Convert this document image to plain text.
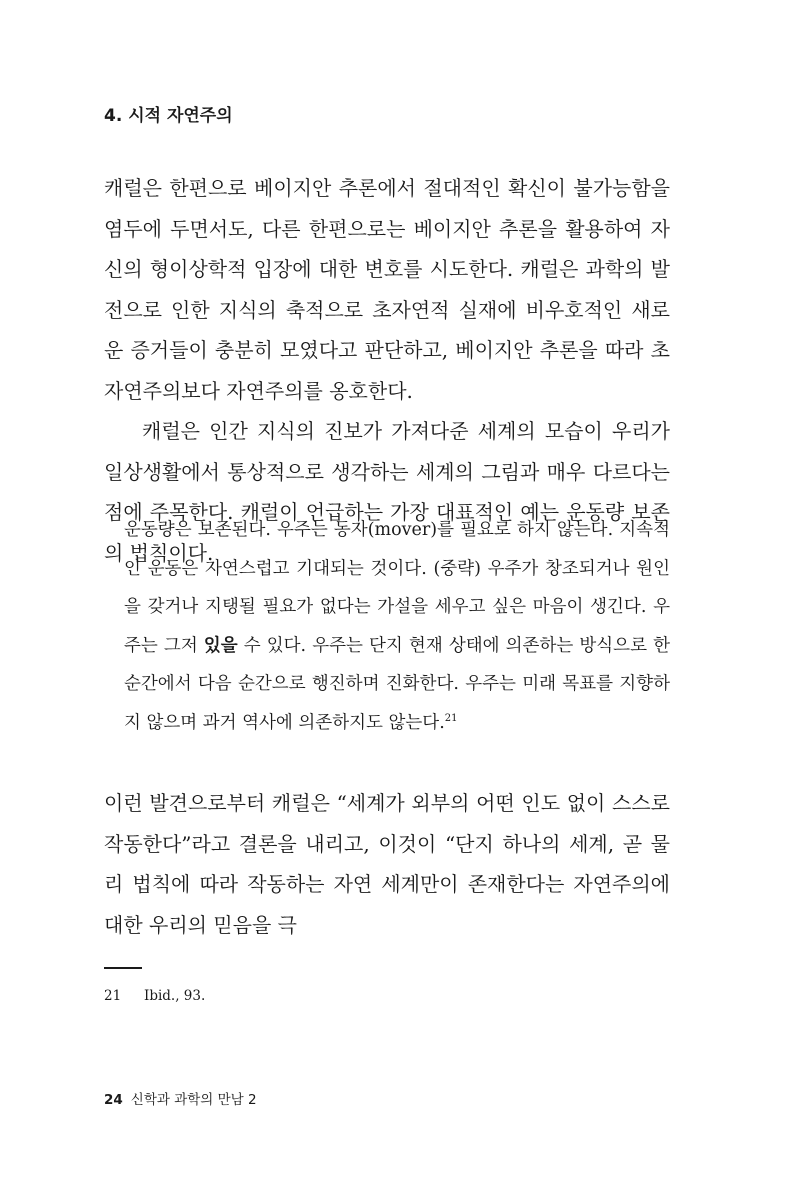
4. 시적 자연주의

캐럴은 한편으로 베이지안 추론에서 절대적인 확신이 불가능함을 염두에 두면서도, 다른 한편으로는 베이지안 추론을 활용하여 자신의 형이상학적 입장에 대한 변호를 시도한다. 캐럴은 과학의 발전으로 인한 지식의 축적으로 초자연적 실재에 비우호적인 새로운 증거들이 충분히 모였다고 판단하고, 베이지안 추론을 따라 초자연주의보다 자연주의를 옹호한다.

캐럴은 인간 지식의 진보가 가져다준 세계의 모습이 우리가 일상생활에서 통상적으로 생각하는 세계의 그림과 매우 다르다는 점에 주목한다. 캐럴이 언급하는 가장 대표적인 예는 운동량 보존의 법칙이다.

운동량은 보존된다. 우주는 동자(mover)를 필요로 하지 않는다. 지속적인 운동은 자연스럽고 기대되는 것이다. (중략) 우주가 창조되거나 원인을 갖거나 지탱될 필요가 없다는 가설을 세우고 싶은 마음이 생긴다. 우주는 그저 있을 수 있다. 우주는 단지 현재 상태에 의존하는 방식으로 한순간에서 다음 순간으로 행진하며 진화한다. 우주는 미래 목표를 지향하지 않으며 과거 역사에 의존하지도 않는다.$^{21}$

이런 발견으로부터 캐럴은 “세계가 외부의 어떤 인도 없이 스스로 작동한다”라고 결론을 내리고, 이것이 “단지 하나의 세계, 곧 물리 법칙에 따라 작동하는 자연 세계만이 존재한다는 자연주의에 대한 우리의 믿음을 극

21 Ibid., 93.
24 신학과 과학의 만남 2
